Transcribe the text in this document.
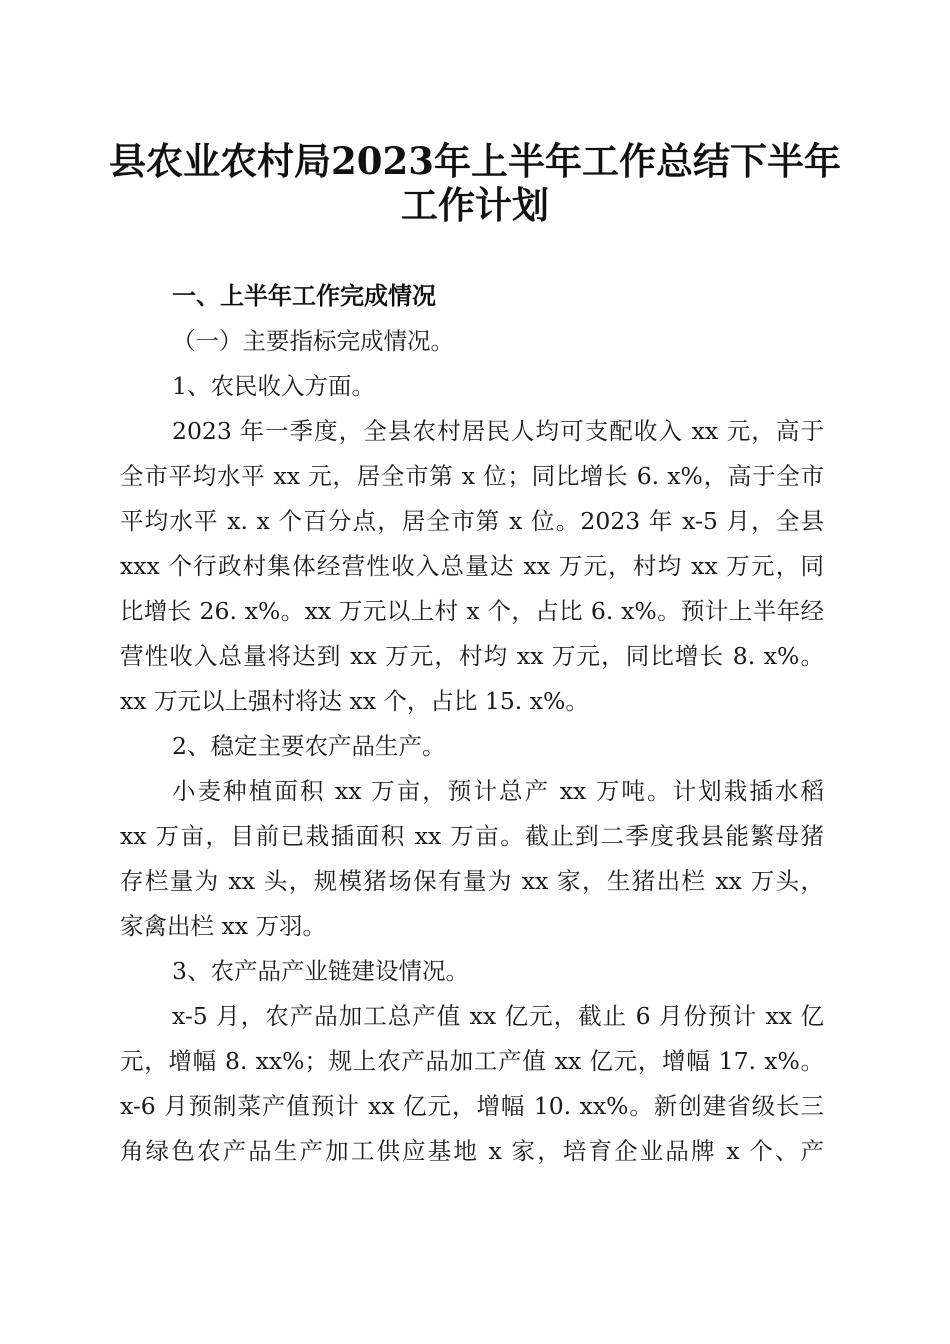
县农业农村局2023年上半年工作总结下半年
工作计划
一、上半年工作完成情况
（一）主要指标完成情况。
1、农民收入方面。
2023 年一季度，全县农村居民人均可支配收入 xx 元，高于
全市平均水平 xx 元，居全市第 x 位；同比增长 6. x%，高于全市
平均水平 x. x 个百分点，居全市第 x 位。2023 年 x-5 月，全县
xxx 个行政村集体经营性收入总量达 xx 万元，村均 xx 万元，同
比增长 26. x%。xx 万元以上村 x 个，占比 6. x%。预计上半年经
营性收入总量将达到 xx 万元，村均 xx 万元，同比增长 8. x%。
xx 万元以上强村将达 xx 个，占比 15. x%。
2、稳定主要农产品生产。
小麦种植面积 xx 万亩，预计总产 xx 万吨。计划栽插水稻
xx 万亩，目前已栽插面积 xx 万亩。截止到二季度我县能繁母猪
存栏量为 xx 头，规模猪场保有量为 xx 家，生猪出栏 xx 万头，
家禽出栏 xx 万羽。
3、农产品产业链建设情况。
x-5 月，农产品加工总产值 xx 亿元，截止 6 月份预计 xx 亿
元，增幅 8. xx%；规上农产品加工产值 xx 亿元，增幅 17. x%。
x-6 月预制菜产值预计 xx 亿元，增幅 10. xx%。新创建省级长三
角绿色农产品生产加工供应基地 x 家，培育企业品牌 x 个、产
